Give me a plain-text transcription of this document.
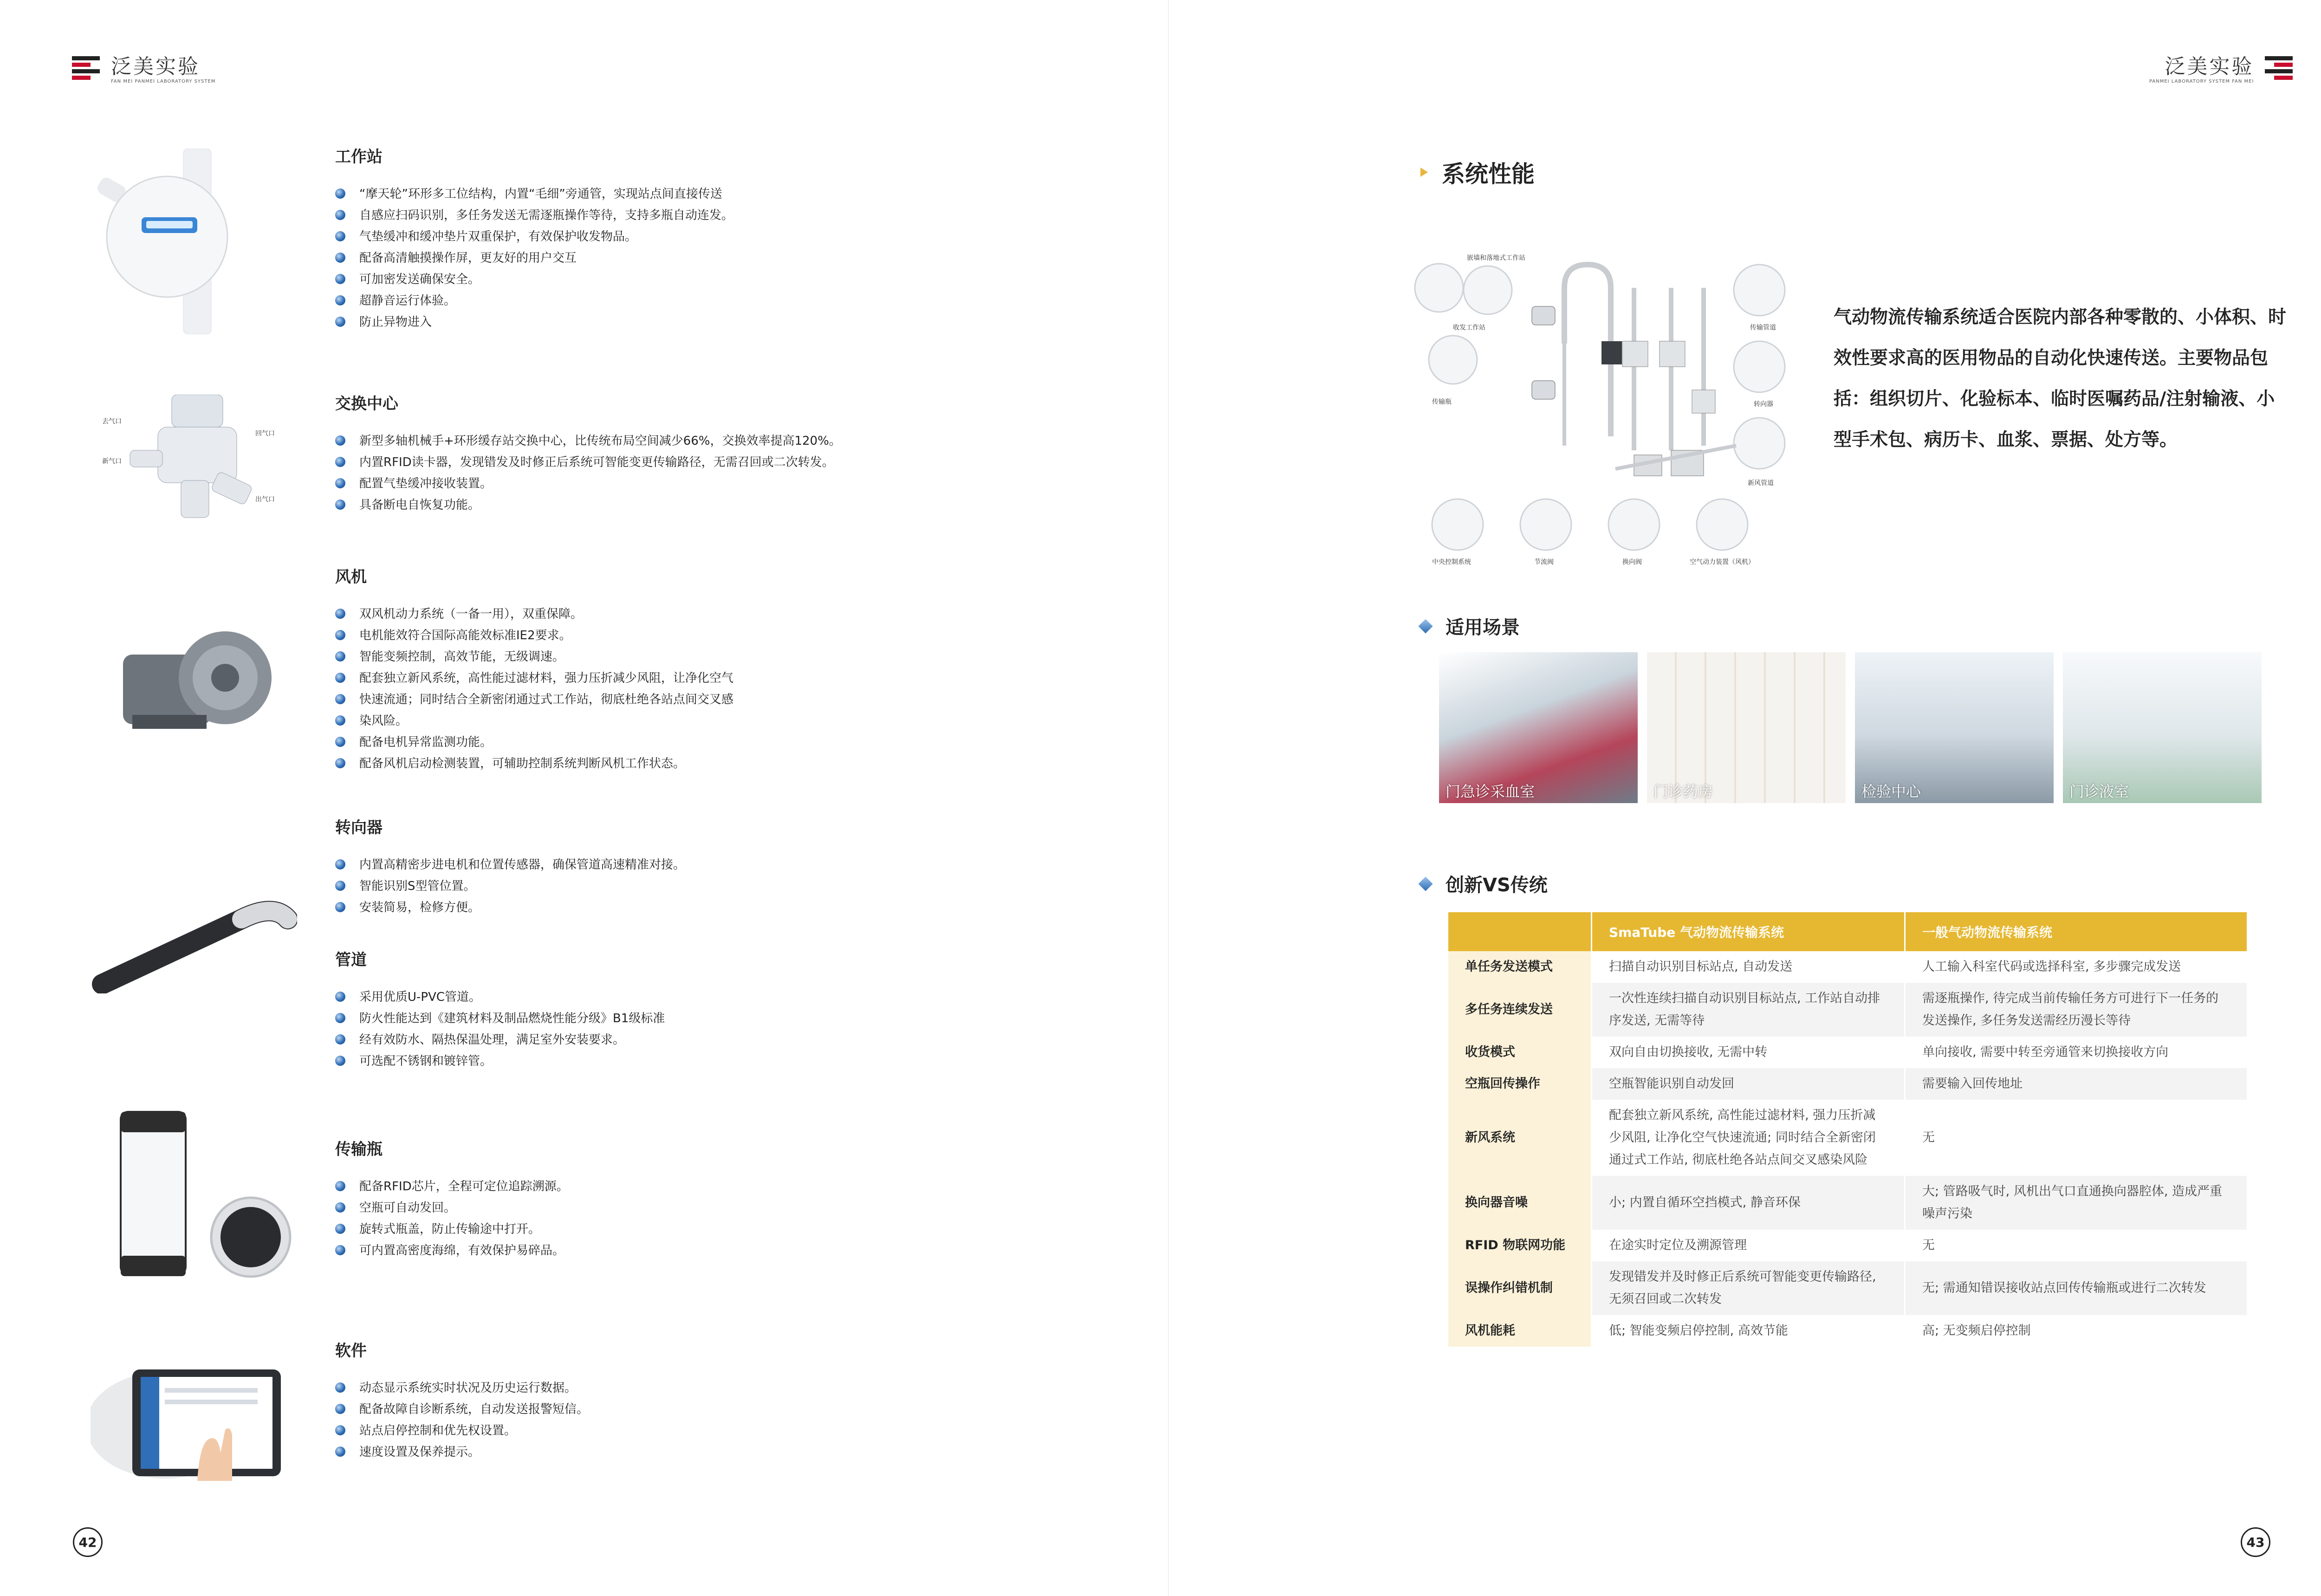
泛美实验
FAN MEI PANMEI LABORATORY SYSTEM
泛美实验
PANMEI LABORATORY SYSTEM FAN MEI
工作站
“摩天轮”环形多工位结构，内置“毛细”旁通管，实现站点间直接传送
自感应扫码识别，多任务发送无需逐瓶操作等待，支持多瓶自动连发。
气垫缓冲和缓冲垫片双重保护，有效保护收发物品。
配备高清触摸操作屏，更友好的用户交互
可加密发送确保安全。
超静音运行体验。
防止异物进入
交换中心
新型多轴机械手+环形缓存站交换中心，比传统布局空间减少66%，交换效率提高120%。
内置RFID读卡器，发现错发及时修正后系统可智能变更传输路径，无需召回或二次转发。
配置气垫缓冲接收装置。
具备断电自恢复功能。
风机
双风机动力系统（一备一用），双重保障。
电机能效符合国际高能效标准IE2要求。
智能变频控制，高效节能，无级调速。
配套独立新风系统，高性能过滤材料，强力压折减少风阻，让净化空气
快速流通；同时结合全新密闭通过式工作站，彻底杜绝各站点间交叉感
染风险。
配备电机异常监测功能。
配备风机启动检测装置，可辅助控制系统判断风机工作状态。
转向器
内置高精密步进电机和位置传感器，确保管道高速精准对接。
智能识别S型管位置。
安装简易，检修方便。
管道
采用优质U-PVC管道。
防火性能达到《建筑材料及制品燃烧性能分级》B1级标准
经有效防水、隔热保温处理，满足室外安装要求。
可选配不锈钢和镀锌管。
传输瓶
配备RFID芯片，全程可定位追踪溯源。
空瓶可自动发回。
旋转式瓶盖，防止传输途中打开。
可内置高密度海绵，有效保护易碎品。
软件
动态显示系统实时状况及历史运行数据。
配备故障自诊断系统，自动发送报警短信。
站点启停控制和优先权设置。
速度设置及保养提示。
去气口
新气口
回气口
出气口
42	43
系统性能
嵌墙和落地式工作站
收发工作站
传输瓶
传输管道
转向器
新风管道
中央控制系统	节流阀	换向阀	空气动力装置（风机）
气动物流传输系统适合医院内部各种零散的、小体积、时效性要求高的医用物品的自动化快速传送。主要物品包括：组织切片、化验标本、临时医嘱药品/注射输液、小型手术包、病历卡、血浆、票据、处方等。
适用场景
门急诊采血室	门诊药房	检验中心	门诊液室
创新VS传统
	SmaTube 气动物流传输系统	一般气动物流传输系统
单任务发送模式	扫描自动识别目标站点, 自动发送	人工输入科室代码或选择科室, 多步骤完成发送
多任务连续发送	一次性连续扫描自动识别目标站点, 工作站自动排序发送, 无需等待	需逐瓶操作, 待完成当前传输任务方可进行下一任务的发送操作, 多任务发送需经历漫长等待
收货模式	双向自由切换接收, 无需中转	单向接收, 需要中转至旁通管来切换接收方向
空瓶回传操作	空瓶智能识别自动发回	需要输入回传地址
新风系统	配套独立新风系统, 高性能过滤材料, 强力压折减少风阻, 让净化空气快速流通; 同时结合全新密闭通过式工作站, 彻底杜绝各站点间交叉感染风险	无
换向器音噪	小; 内置自循环空挡模式, 静音环保	大; 管路吸气时, 风机出气口直通换向器腔体, 造成严重噪声污染
RFID 物联网功能	在途实时定位及溯源管理	无
误操作纠错机制	发现错发并及时修正后系统可智能变更传输路径, 无须召回或二次转发	无; 需通知错误接收站点回传传输瓶或进行二次转发
风机能耗	低; 智能变频启停控制, 高效节能	高; 无变频启停控制
